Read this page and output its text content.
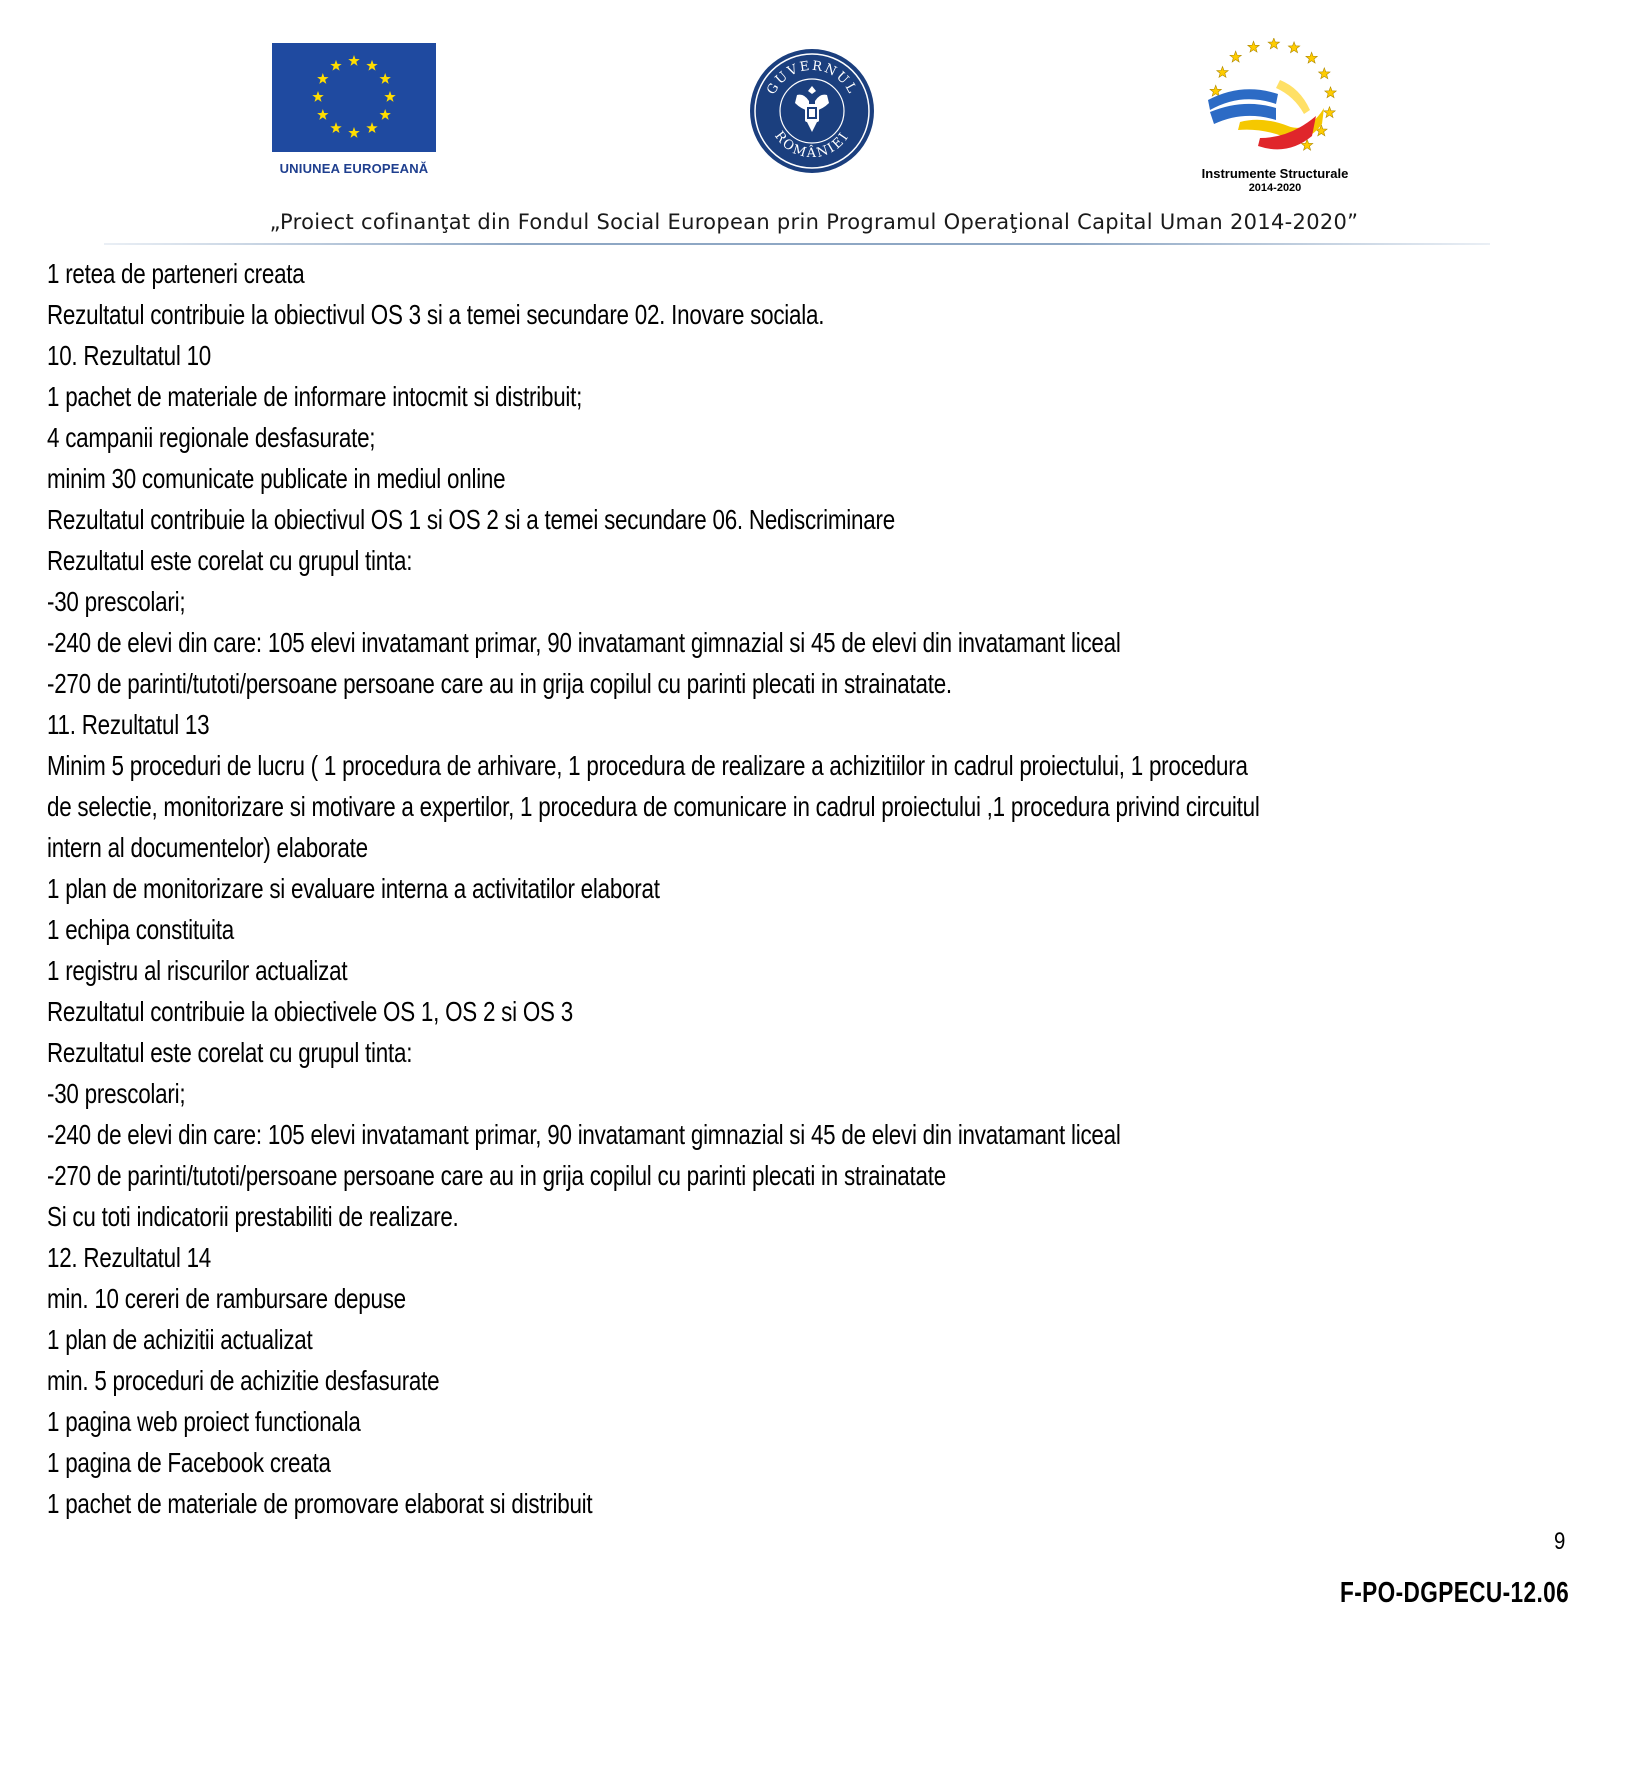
UNIUNEA EUROPEANĂ
GUVERNUL
ROMÂNIEI
Instrumente Structurale
2014-2020
„Proiect cofinanţat din Fondul Social European prin Programul Operaţional Capital Uman 2014-2020”
1 retea de parteneri creata
Rezultatul contribuie la obiectivul OS 3 si a temei secundare 02. Inovare sociala.
10. Rezultatul 10
1 pachet de materiale de informare intocmit si distribuit;
4 campanii regionale desfasurate;
minim 30 comunicate publicate in mediul online
Rezultatul contribuie la obiectivul OS 1 si OS 2 si a temei secundare 06. Nediscriminare
Rezultatul este corelat cu grupul tinta:
-30 prescolari;
-240 de elevi din care: 105 elevi invatamant primar, 90 invatamant gimnazial si 45 de elevi din invatamant liceal
-270 de parinti/tutoti/persoane persoane care au in grija copilul cu parinti plecati in strainatate.
11. Rezultatul 13
Minim 5 proceduri de lucru ( 1 procedura de arhivare, 1 procedura de realizare a achizitiilor in cadrul proiectului, 1 procedura
de selectie, monitorizare si motivare a expertilor, 1 procedura de comunicare in cadrul proiectului ,1 procedura privind circuitul
intern al documentelor) elaborate
1 plan de monitorizare si evaluare interna a activitatilor elaborat
1 echipa constituita
1 registru al riscurilor actualizat
Rezultatul contribuie la obiectivele OS 1, OS 2 si OS 3
Rezultatul este corelat cu grupul tinta:
-30 prescolari;
-240 de elevi din care: 105 elevi invatamant primar, 90 invatamant gimnazial si 45 de elevi din invatamant liceal
-270 de parinti/tutoti/persoane persoane care au in grija copilul cu parinti plecati in strainatate
Si cu toti indicatorii prestabiliti de realizare.
12. Rezultatul 14
min. 10 cereri de rambursare depuse
1 plan de achizitii actualizat
min. 5 proceduri de achizitie desfasurate
1 pagina web proiect functionala
1 pagina de Facebook creata
1 pachet de materiale de promovare elaborat si distribuit
9
F-PO-DGPECU-12.06
